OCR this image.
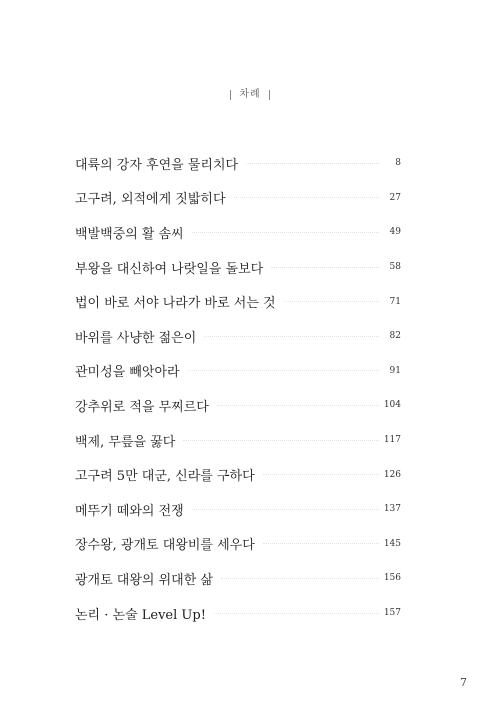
차례
대륙의 강자 후연을 물리치다	8
고구려, 외적에게 짓밟히다	27
백발백중의 활 솜씨	49
부왕을 대신하여 나랏일을 돌보다	58
법이 바로 서야 나라가 바로 서는 것	71
바위를 사냥한 젊은이	82
관미성을 빼앗아라	91
강추위로 적을 무찌르다	104
백제, 무릎을 꿇다	117
고구려 5만 대군, 신라를 구하다	126
메뚜기 떼와의 전쟁	137
장수왕, 광개토 대왕비를 세우다	145
광개토 대왕의 위대한 삶	156
논리 · 논술 Level Up!	157
7
